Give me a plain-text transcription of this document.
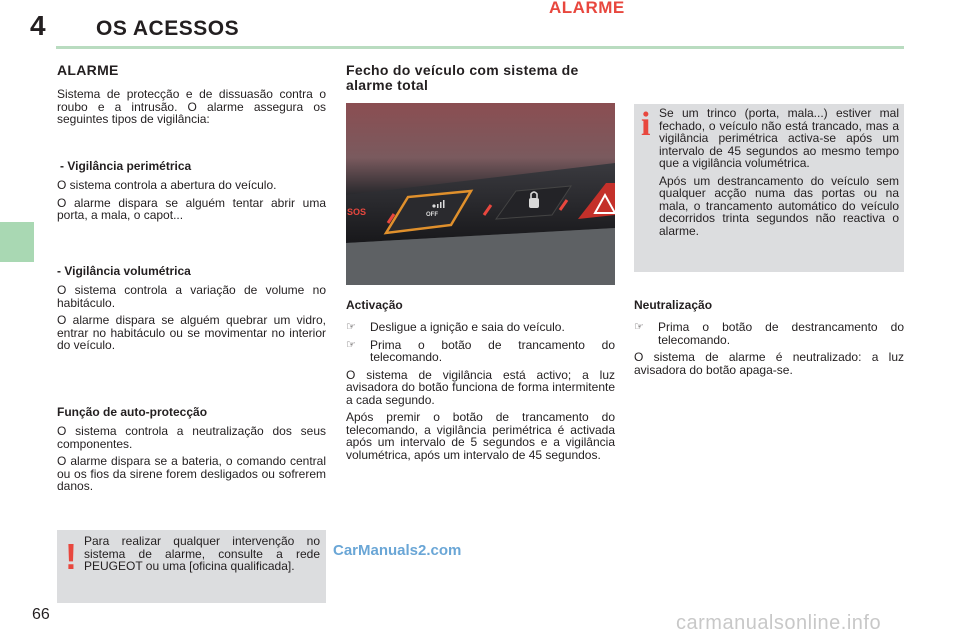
ALARME
4 OS ACESSOS
ALARME

Sistema de protecção e de dissuasão contra o roubo e a intrusão. O alarme assegura os seguintes tipos de vigilância:

- Vigilância perimétrica

O sistema controla a abertura do veículo.

O alarme dispara se alguém tentar abrir uma porta, a mala, o capot...

- Vigilância volumétrica

O sistema controla a variação de volume no habitáculo.

O alarme dispara se alguém quebrar um vidro, entrar no habitáculo ou se movimentar no interior do veículo.

Função de auto-protecção

O sistema controla a neutralização dos seus componentes.

O alarme dispara se a bateria, o comando central ou os fios da sirene forem desligados ou sofrerem danos.

! Para realizar qualquer intervenção no sistema de alarme, consulte a rede PEUGEOT ou uma [oficina qualificada].
Fecho do veículo com sistema de alarme total
OFF
SOS
Activação
☞	Desligue a ignição e saia do veículo.
☞	Prima o botão de trancamento do telecomando.

O sistema de vigilância está activo; a luz avisadora do botão funciona de forma intermitente a cada segundo.

Após premir o botão de trancamento do telecomando, a vigilância perimétrica é activada após um intervalo de 5 segundos e a vigilância volumétrica, após um intervalo de 45 segundos.

i Se um trinco (porta, mala...) estiver mal fechado, o veículo não está trancado, mas a vigilância perimétrica activa-se após um intervalo de 45 segundos ao mesmo tempo que a vigilância volumétrica.

Após um destrancamento do veículo sem qualquer acção numa das portas ou na mala, o trancamento automático do veículo decorridos trinta segundos não reactiva o alarme.

Neutralização
☞	Prima o botão de destrancamento do telecomando.

O sistema de alarme é neutralizado: a luz avisadora do botão apaga-se.

66
CarManuals2.com
carmanualsonline.info
